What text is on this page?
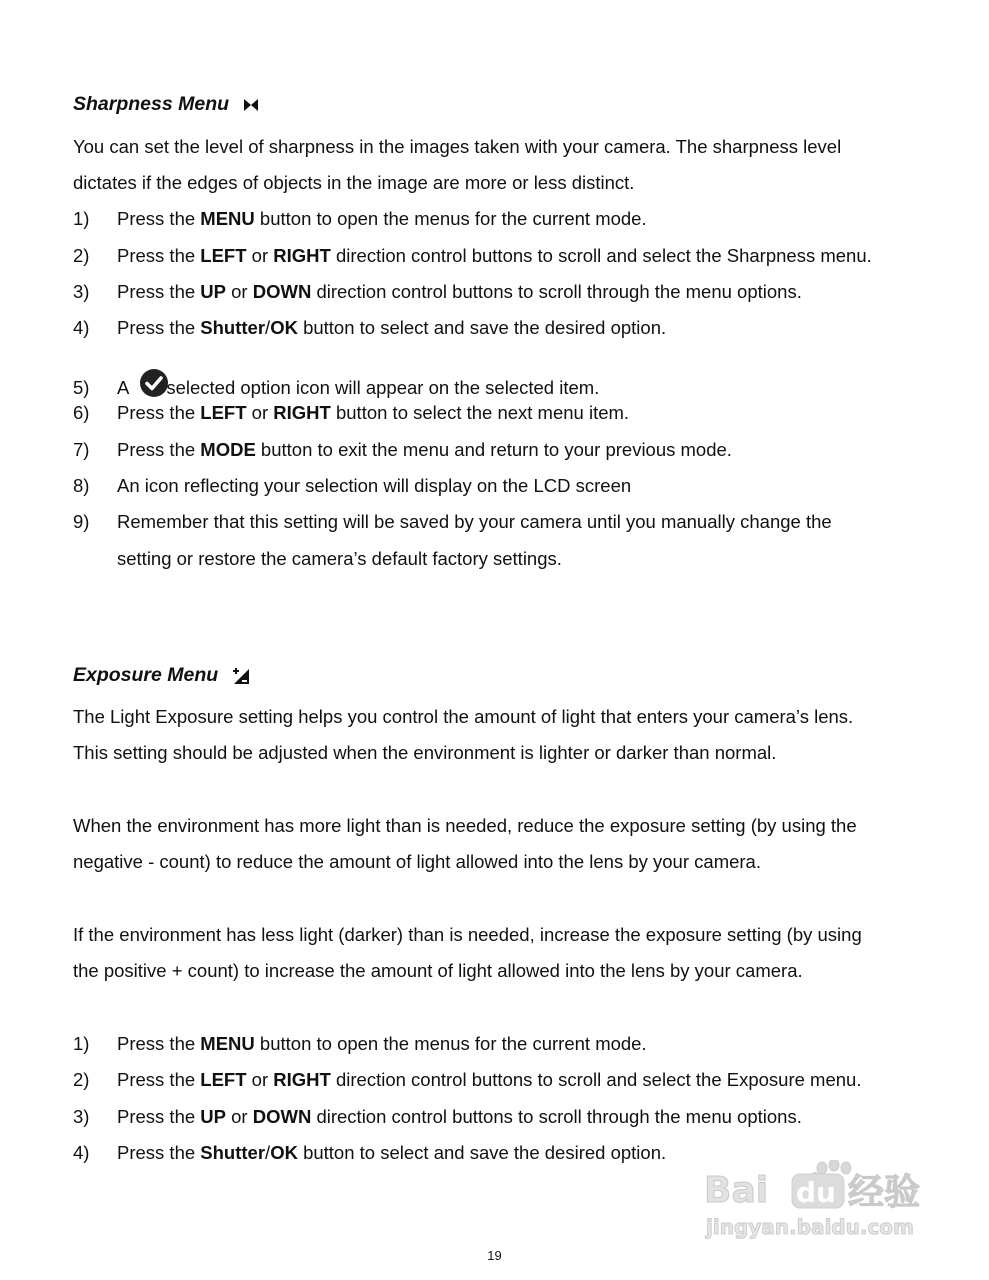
Sharpness Menu
You can set the level of sharpness in the images taken with your camera. The sharpness level
dictates if the edges of objects in the image are more or less distinct.
1) Press the MENU button to open the menus for the current mode.
2) Press the LEFT or RIGHT direction control buttons to scroll and select the Sharpness menu.
3) Press the UP or DOWN direction control buttons to scroll through the menu options.
4) Press the Shutter/OK button to select and save the desired option.
5) A selected option icon will appear on the selected item.
6) Press the LEFT or RIGHT button to select the next menu item.
7) Press the MODE button to exit the menu and return to your previous mode.
8) An icon reflecting your selection will display on the LCD screen
9) Remember that this setting will be saved by your camera until you manually change the
setting or restore the camera’s default factory settings.
Exposure Menu
The Light Exposure setting helps you control the amount of light that enters your camera’s lens.
This setting should be adjusted when the environment is lighter or darker than normal.
When the environment has more light than is needed, reduce the exposure setting (by using the
negative - count) to reduce the amount of light allowed into the lens by your camera.
If the environment has less light (darker) than is needed, increase the exposure setting (by using
the positive + count) to increase the amount of light allowed into the lens by your camera.
1) Press the MENU button to open the menus for the current mode.
2) Press the LEFT or RIGHT direction control buttons to scroll and select the Exposure menu.
3) Press the UP or DOWN direction control buttons to scroll through the menu options.
4) Press the Shutter/OK button to select and save the desired option.
Bai du 经验
jingyan.baidu.com
19
